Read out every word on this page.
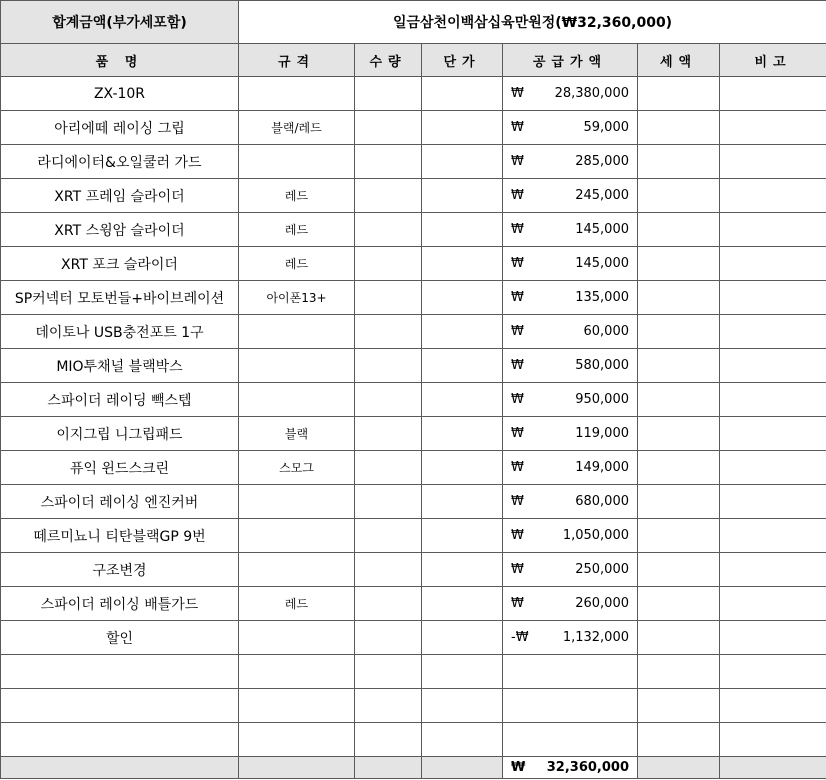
합계금액(부가세포함)	일금삼천이백삼십육만원정(₩32,360,000)					
품 명	규격	수량	단가	공급가액	세액	비고
ZX-10R				₩ 28,380,000		

아리에떼 레이싱 그립	블랙/레드			₩ 59,000		

라디에이터&오일쿨러 가드				₩ 285,000		

XRT 프레임 슬라이더	레드			₩ 245,000		

XRT 스윙암 슬라이더	레드			₩ 145,000		

XRT 포크 슬라이더	레드			₩ 145,000		

SP커넥터 모토번들+바이브레이션	아이폰13+			₩ 135,000		

데이토나 USB충전포트 1구				₩ 60,000		

MIO투채널 블랙박스				₩ 580,000		

스파이더 레이딩 빽스텝				₩ 950,000		

이지그립 니그립패드	블랙			₩ 119,000		

퓨익 윈드스크린	스모그			₩ 149,000		

스파이더 레이싱 엔진커버				₩ 680,000		

떼르미뇨니 티탄블랙GP 9번				₩ 1,050,000		

구조변경				₩ 250,000		

스파이더 레이싱 배틀가드	레드			₩ 260,000		

할인				-₩ 1,132,000		

				₩ 32,360,000		
